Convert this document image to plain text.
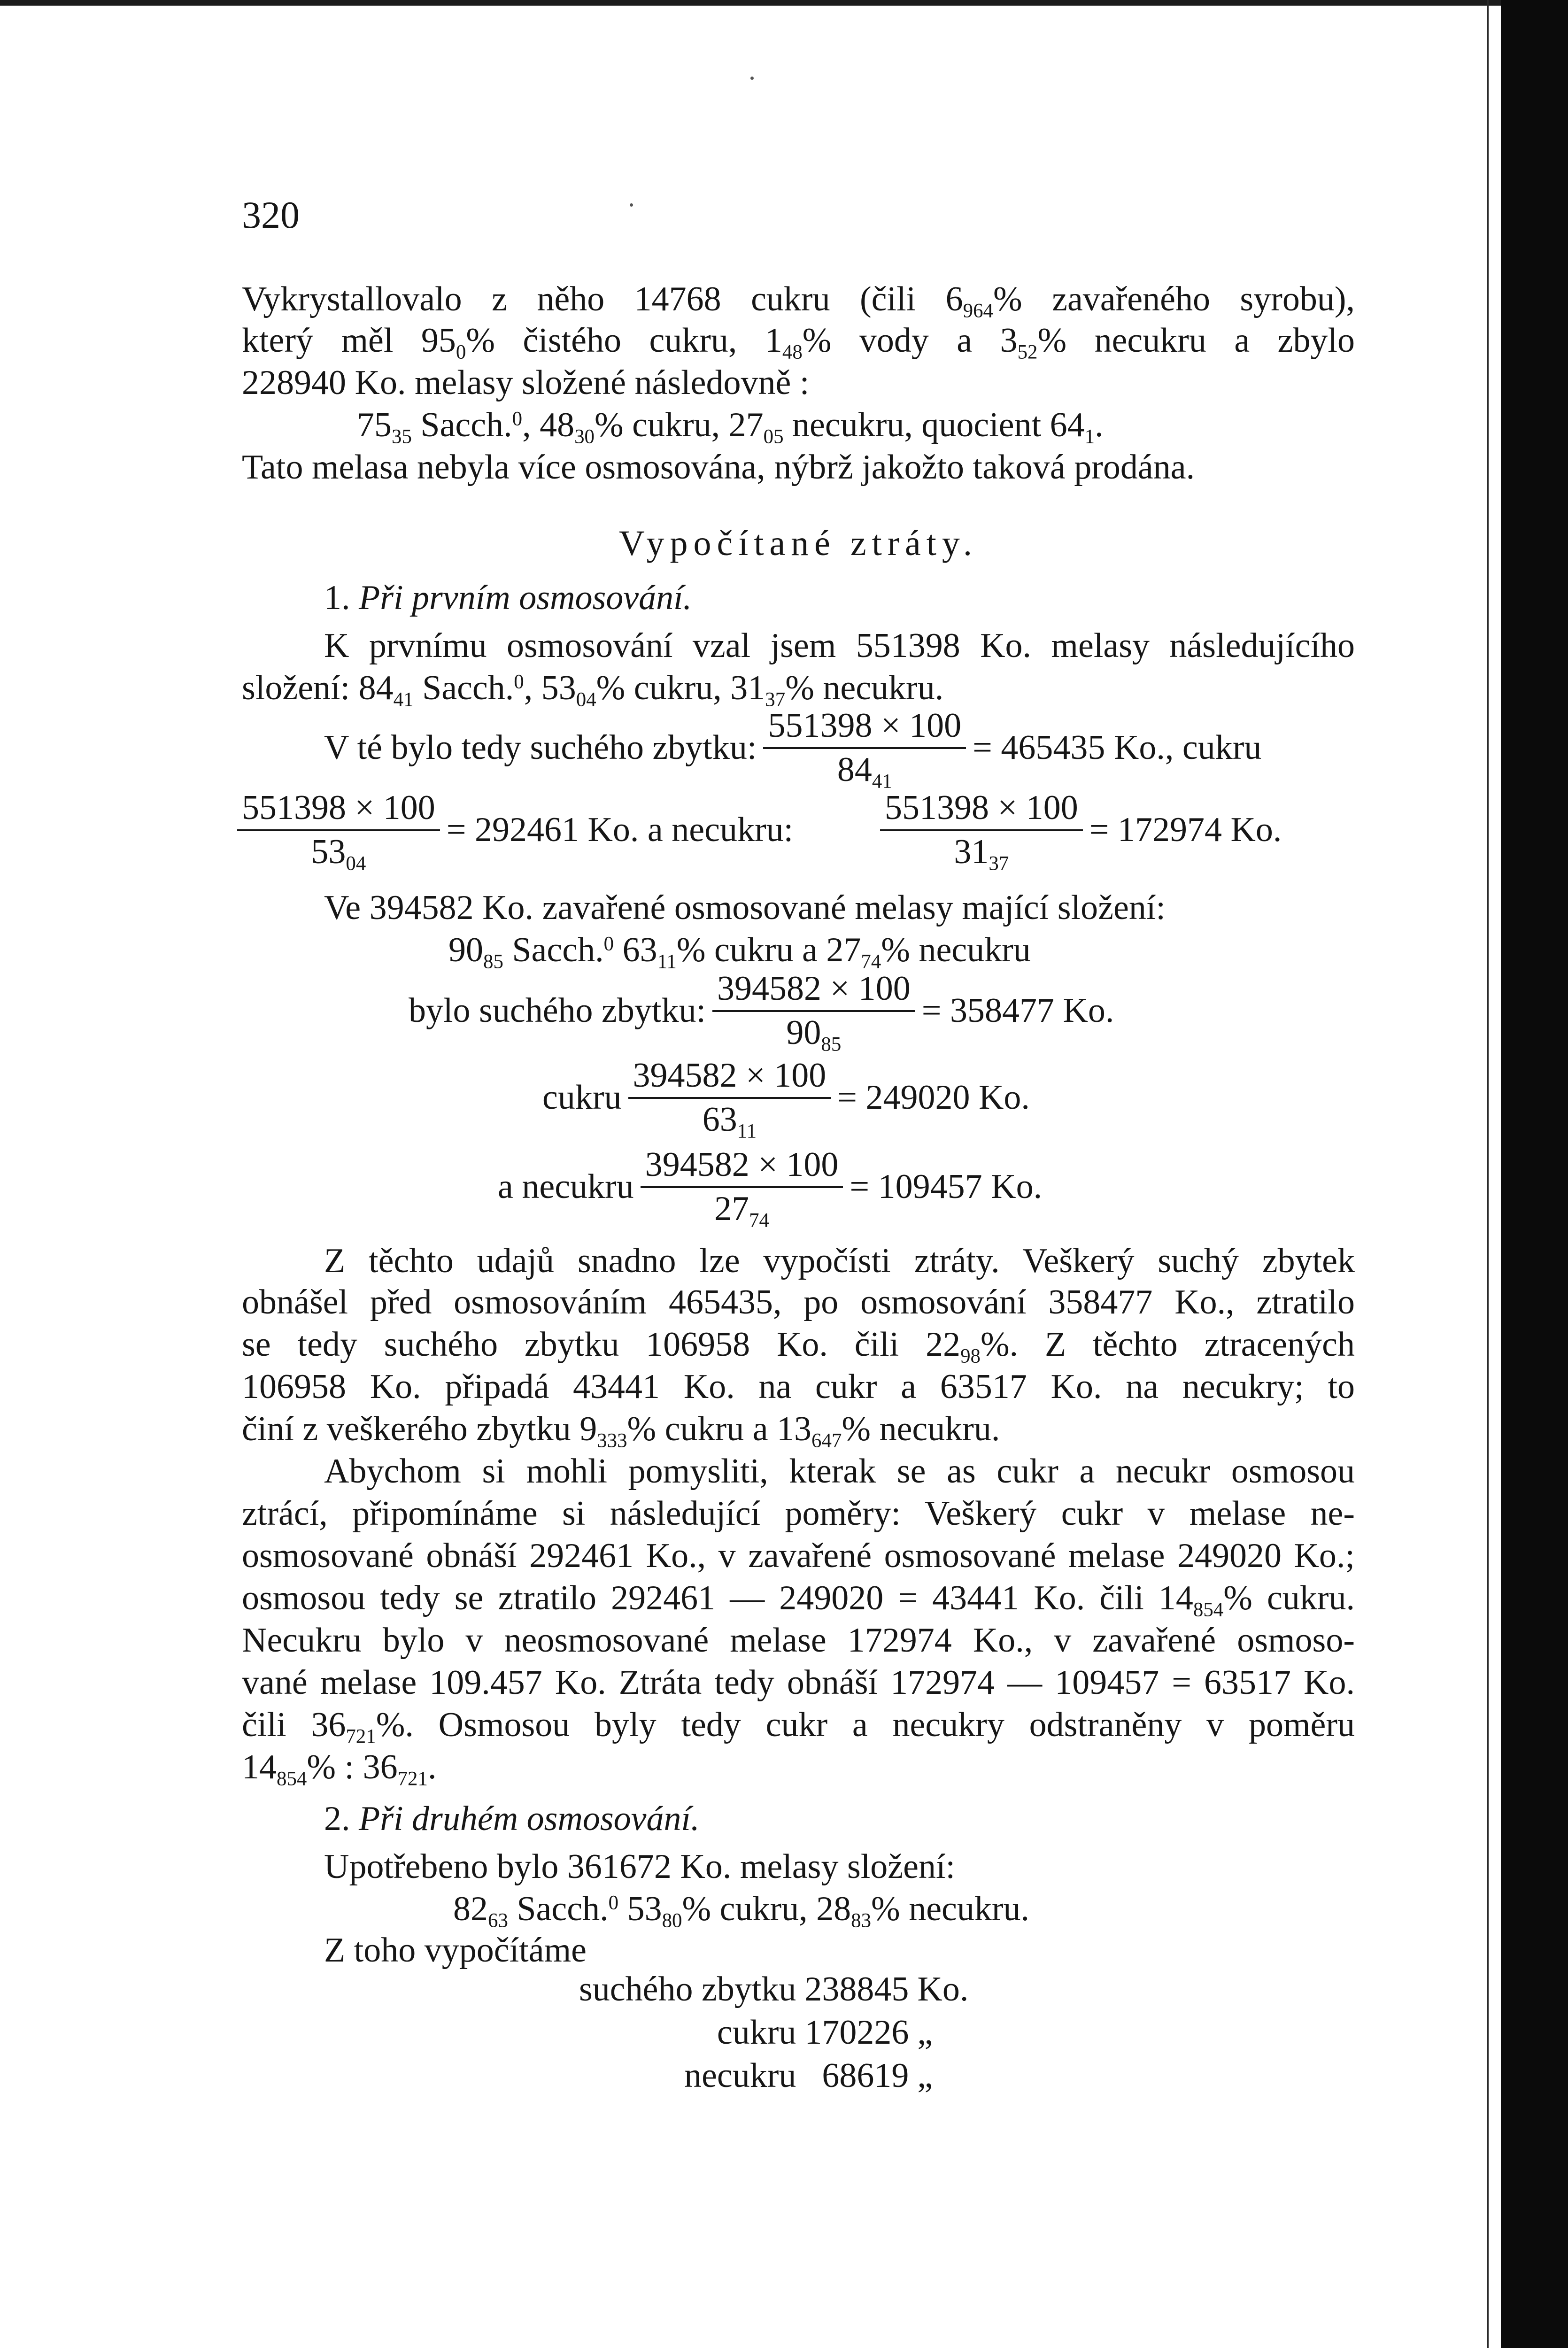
320
Vykrystallovalo z něho 14768 cukru (čili $6_{964}\%$ zavařeného syrobu),
který měl $95_0\%$ čistého cukru, $1_{48}\%$ vody a $3_{52}\%$ necukru a zbylo
228940 Ko. melasy složené následovně :
$75_{35}$ Sacch.$^0$, $48_{30}\%$ cukru, $27_{05}$ necukru, quocient $64_1$.
Tato melasa nebyla více osmosována, nýbrž jakožto taková prodána.
Vypočítané ztráty.
1. Při prvním osmosování.
K prvnímu osmosování vzal jsem 551398 Ko. melasy následujícího
složení: $84_{41}$ Sacch.$^0$, $53_{04}\%$ cukru, $31_{37}\%$ necukru.
V té bylo tedy suchého zbytku: $\frac{551398 \times 100}{84_{41}} = 465435$ Ko., cukru
$\frac{551398 \times 100}{53_{04}} = 292461$ Ko. a necukru: $\frac{551398 \times 100}{31_{37}} = 172974$ Ko.
Ve 394582 Ko. zavařené osmosované melasy mající složení:
$90_{85}$ Sacch.$^0$ $63_{11}\%$ cukru a $27_{74}\%$ necukru
bylo suchého zbytku: $\frac{394582 \times 100}{90_{85}} = 358477$ Ko.
cukru $\frac{394582 \times 100}{63_{11}} = 249020$ Ko.
a necukru $\frac{394582 \times 100}{27_{74}} = 109457$ Ko.
Z těchto udajů snadno lze vypočísti ztráty. Veškerý suchý zbytek
obnášel před osmosováním 465435, po osmosování 358477 Ko., ztratilo
se tedy suchého zbytku 106958 Ko. čili $22_{98}\%$. Z těchto ztracených
106958 Ko. připadá 43441 Ko. na cukr a 63517 Ko. na necukry; to
činí z veškerého zbytku $9_{333}\%$ cukru a $13_{647}\%$ necukru.
Abychom si mohli pomysliti, kterak se as cukr a necukr osmosou
ztrácí, připomínáme si následující poměry: Veškerý cukr v melase ne-
osmosované obnáší 292461 Ko., v zavařené osmosované melase 249020 Ko.;
osmosou tedy se ztratilo 292461 — 249020 = 43441 Ko. čili $14_{854}\%$ cukru.
Necukru bylo v neosmosované melase 172974 Ko., v zavařené osmoso-
vané melase 109.457 Ko. Ztráta tedy obnáší 172974 — 109457 = 63517 Ko.
čili $36_{721}\%$. Osmosou byly tedy cukr a necukry odstraněny v poměru
$14_{854}\%$ : $36_{721}$.
2. Při druhém osmosování.
Upotřebeno bylo 361672 Ko. melasy složení:
$82_{63}$ Sacch.$^0$ $53_{80}\%$ cukru, $28_{83}\%$ necukru.
Z toho vypočítáme
suchého zbytku	238845	Ko.
cukru	170226	„
necukru	68619	„
